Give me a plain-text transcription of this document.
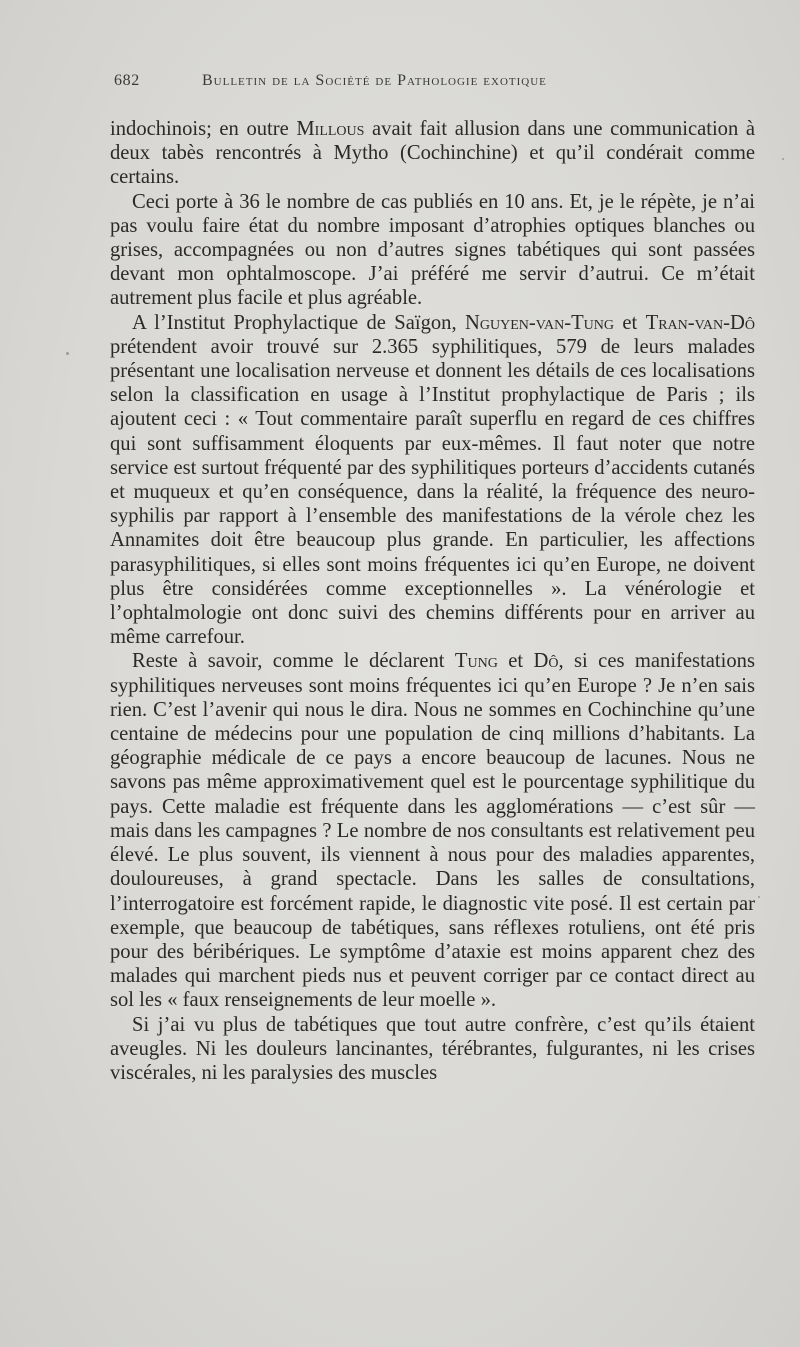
682	Bulletin de la Société de Pathologie exotique

indochinois; en outre Millous avait fait allusion dans une communication à deux tabès rencontrés à Mytho (Cochinchine) et qu’il condérait comme certains.

Ceci porte à 36 le nombre de cas publiés en 10 ans. Et, je le répète, je n’ai pas voulu faire état du nombre imposant d’atrophies optiques blanches ou grises, accompagnées ou non d’autres signes tabétiques qui sont passées devant mon ophtalmoscope. J’ai préféré me servir d’autrui. Ce m’était autrement plus facile et plus agréable.

A l’Institut Prophylactique de Saïgon, Nguyen-van-Tung et Tran-van-Dô prétendent avoir trouvé sur 2.365 syphilitiques, 579 de leurs malades présentant une localisation nerveuse et donnent les détails de ces localisations selon la classification en usage à l’Institut prophylactique de Paris ; ils ajoutent ceci : « Tout commentaire paraît superflu en regard de ces chiffres qui sont suffisamment éloquents par eux-mêmes. Il faut noter que notre service est surtout fréquenté par des syphilitiques porteurs d’accidents cutanés et muqueux et qu’en conséquence, dans la réalité, la fréquence des neuro-syphilis par rapport à l’ensemble des manifestations de la vérole chez les Annamites doit être beaucoup plus grande. En particulier, les affections parasyphilitiques, si elles sont moins fréquentes ici qu’en Europe, ne doivent plus être considérées comme exceptionnelles ». La vénérologie et l’ophtalmologie ont donc suivi des chemins différents pour en arriver au même carrefour.

Reste à savoir, comme le déclarent Tung et Dô, si ces manifestations syphilitiques nerveuses sont moins fréquentes ici qu’en Europe ? Je n’en sais rien. C’est l’avenir qui nous le dira. Nous ne sommes en Cochinchine qu’une centaine de médecins pour une population de cinq millions d’habitants. La géographie médicale de ce pays a encore beaucoup de lacunes. Nous ne savons pas même approximativement quel est le pourcentage syphilitique du pays. Cette maladie est fréquente dans les agglomérations — c’est sûr — mais dans les campagnes ? Le nombre de nos consultants est relativement peu élevé. Le plus souvent, ils viennent à nous pour des maladies apparentes, douloureuses, à grand spectacle. Dans les salles de consultations, l’interrogatoire est forcément rapide, le diagnostic vite posé. Il est certain par exemple, que beaucoup de tabétiques, sans réflexes rotuliens, ont été pris pour des béribériques. Le symptôme d’ataxie est moins apparent chez des malades qui marchent pieds nus et peuvent corriger par ce contact direct au sol les « faux renseignements de leur moelle ».

Si j’ai vu plus de tabétiques que tout autre confrère, c’est qu’ils étaient aveugles. Ni les douleurs lancinantes, térébrantes, fulgurantes, ni les crises viscérales, ni les paralysies des muscles
